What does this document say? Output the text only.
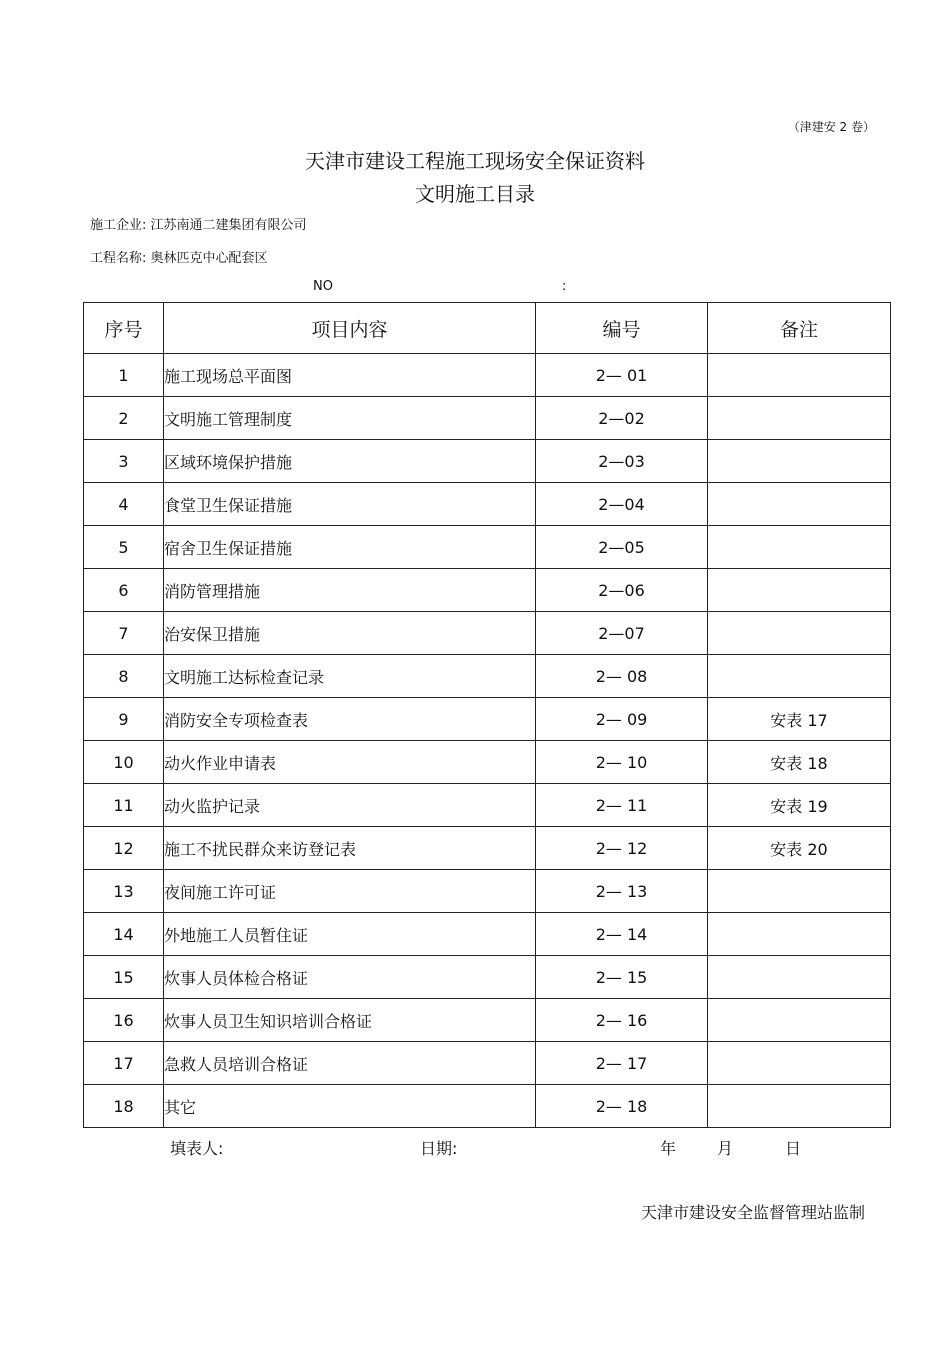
（津建安 2 卷）
天津市建设工程施工现场安全保证资料
文明施工目录
施工企业: 江苏南通二建集团有限公司
工程名称: 奥林匹克中心配套区
NO	:
序号	项目内容	编号	备注
1	施工现场总平面图	2— 01	
2	文明施工管理制度	2—02	
3	区域环境保护措施	2—03	
4	食堂卫生保证措施	2—04	
5	宿舍卫生保证措施	2—05	
6	消防管理措施	2—06	
7	治安保卫措施	2—07	
8	文明施工达标检查记录	2— 08	
9	消防安全专项检查表	2— 09	安表 17
10	动火作业申请表	2— 10	安表 18
11	动火监护记录	2— 11	安表 19
12	施工不扰民群众来访登记表	2— 12	安表 20
13	夜间施工许可证	2— 13	
14	外地施工人员暂住证	2— 14	
15	炊事人员体检合格证	2— 15	
16	炊事人员卫生知识培训合格证	2— 16	
17	急救人员培训合格证	2— 17	
18	其它	2— 18	
填表人:	日期:	年	月	日
天津市建设安全监督管理站监制
